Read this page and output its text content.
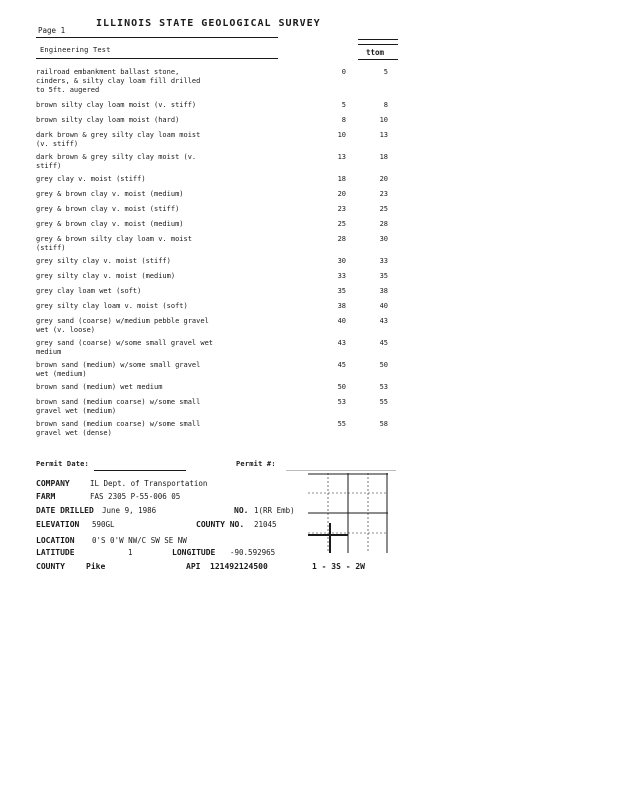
ILLINOIS STATE GEOLOGICAL SURVEY
Page 1
Engineering Test	ttom
railroad embankment ballast stone,
cinders, & silty clay loam fill drilled
to 5ft. augered
0	5
brown silty clay loam moist (v. stiff)	5	8
brown silty clay loam moist (hard)	8	10
dark brown & grey silty clay loam moist
(v. stiff)
10	13
dark brown & grey silty clay moist (v.
stiff)
13	18
grey clay v. moist (stiff)	18	20
grey & brown clay v. moist (medium)	20	23
grey & brown clay v. moist (stiff)	23	25
grey & brown clay v. moist (medium)	25	28
grey & brown silty clay loam v. moist
(stiff)
28	30
grey silty clay v. moist (stiff)	30	33
grey silty clay v. moist (medium)	33	35
grey clay loam wet (soft)	35	38
grey silty clay loam v. moist (soft)	38	40
grey sand (coarse) w/medium pebble gravel
wet (v. loose)
40	43
grey sand (coarse) w/some small gravel wet
medium
43	45
brown sand (medium) w/some small gravel
wet (medium)
45	50
brown sand (medium) wet medium	50	53
brown sand (medium coarse) w/some small
gravel wet (medium)
53	55
brown sand (medium coarse) w/some small
gravel wet (dense)
55	58
Permit Date:	Permit #:
COMPANY	IL Dept. of Transportation
FARM	FAS 2305 P-55-006 05
DATE DRILLED June 9, 1986	NO. 1(RR Emb)
ELEVATION 590GL	COUNTY NO. 21045
LOCATION 0'S 0'W NW/C SW SE NW
LATITUDE	1	LONGITUDE -90.592965
COUNTY	Pike	API 121492124500	1 - 3S - 2W
